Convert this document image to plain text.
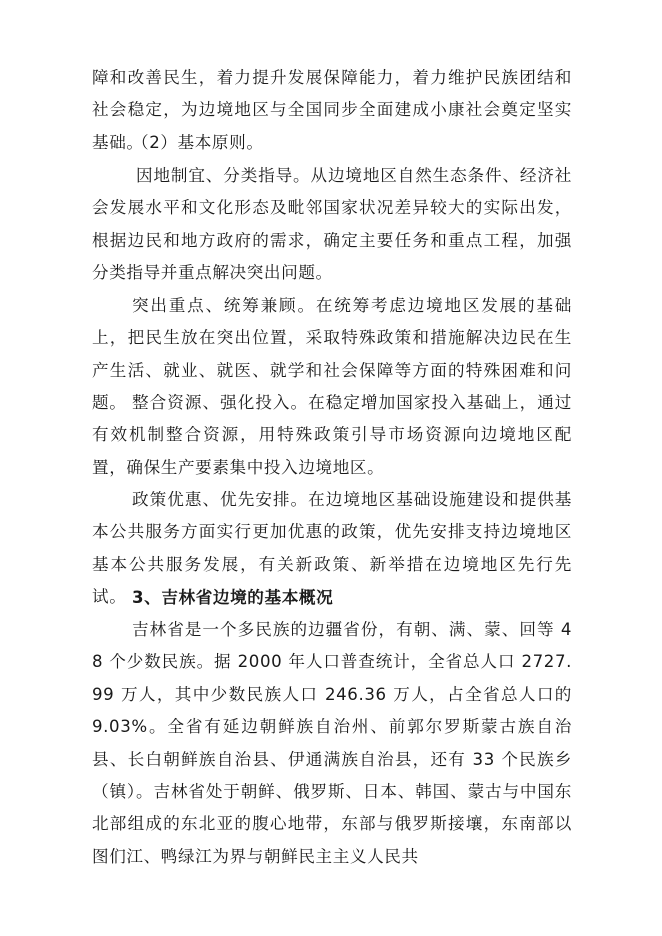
障和改善民生，着力提升发展保障能力，着力维护民族团结和社会稳定，为边境地区与全国同步全面建成小康社会奠定坚实基础。

（2）基本原则。

因地制宜、分类指导。从边境地区自然生态条件、经济社会发展水平和文化形态及毗邻国家状况差异较大的实际出发，根据边民和地方政府的需求，确定主要任务和重点工程，加强分类指导并重点解决突出问题。

突出重点、统筹兼顾。在统筹考虑边境地区发展的基础上，把民生放在突出位置，采取特殊政策和措施解决边民在生产生活、就业、就医、就学和社会保障等方面的特殊困难和问题。 整合资源、强化投入。在稳定增加国家投入基础上，通过有效机制整合资源，用特殊政策引导市场资源向边境地区配置，确保生产要素集中投入边境地区。

政策优惠、优先安排。在边境地区基础设施建设和提供基本公共服务方面实行更加优惠的政策，优先安排支持边境地区基本公共服务发展，有关新政策、新举措在边境地区先行先试。 3、吉林省边境的基本概况

吉林省是一个多民族的边疆省份，有朝、满、蒙、回等 48 个少数民族。据 2000 年人口普查统计，全省总人口 2727.99 万人，其中少数民族人口 246.36 万人，占全省总人口的 9.03%。全省有延边朝鲜族自治州、前郭尔罗斯蒙古族自治县、长白朝鲜族自治县、伊通满族自治县，还有 33 个民族乡（镇）。吉林省处于朝鲜、俄罗斯、日本、韩国、蒙古与中国东北部组成的东北亚的腹心地带，东部与俄罗斯接壤，东南部以图们江、鸭绿江为界与朝鲜民主主义人民共
